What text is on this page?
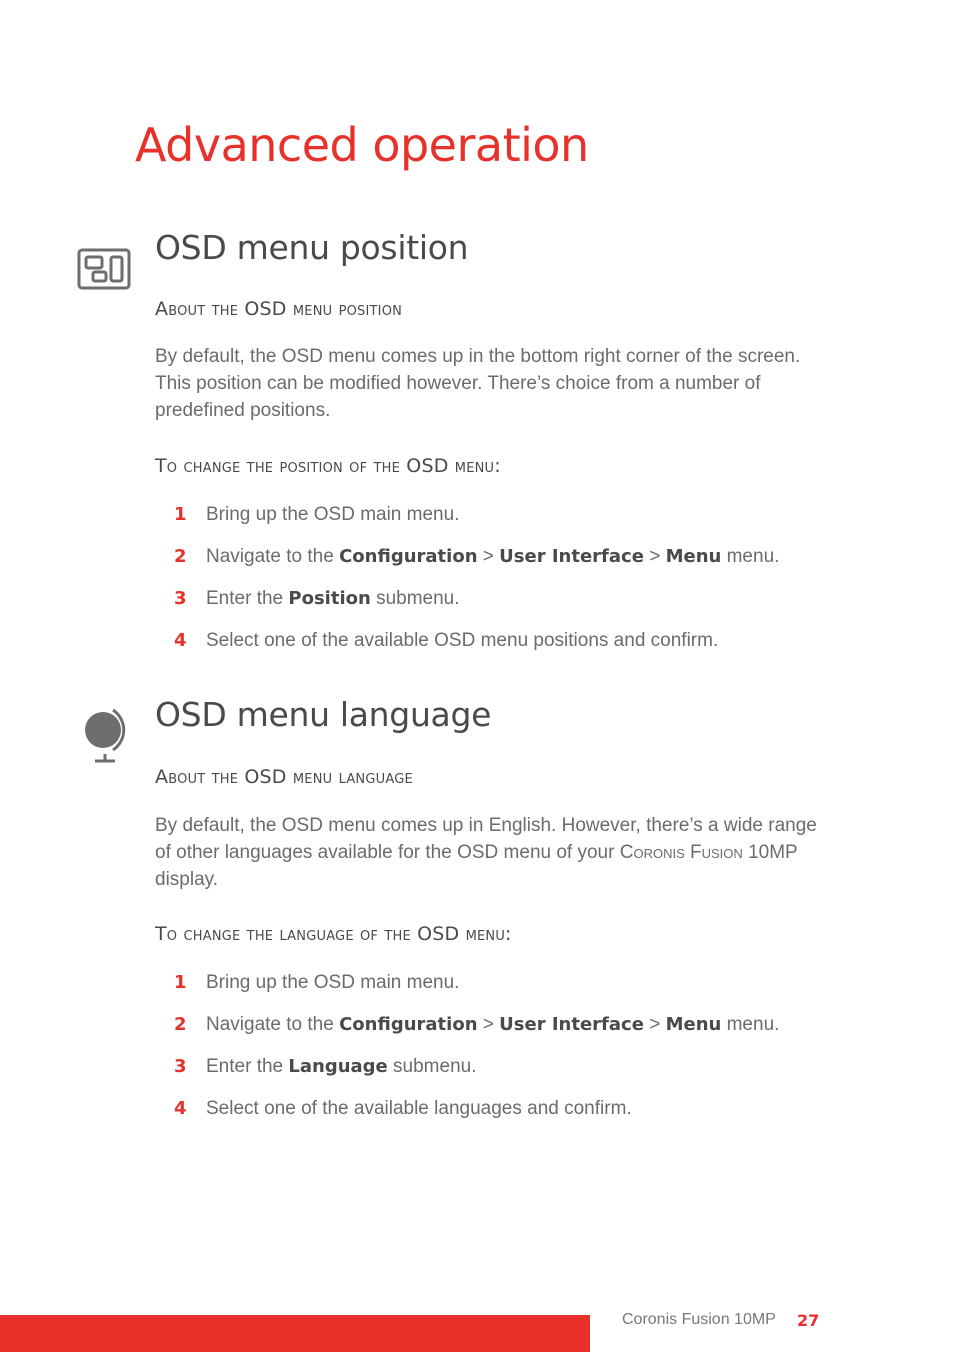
Advanced operation
OSD menu position
About the OSD menu position

By default, the OSD menu comes up in the bottom right corner of the screen. This position can be modified however. There’s choice from a number of predefined positions.

To change the position of the OSD menu:
1 Bring up the OSD main menu.
2 Navigate to the Configuration > User Interface > Menu menu.
3 Enter the Position submenu.
4 Select one of the available OSD menu positions and confirm.
OSD menu language
About the OSD menu language

By default, the OSD menu comes up in English. However, there’s a wide range of other languages available for the OSD menu of your Coronis Fusion 10MP display.

To change the language of the OSD menu:
1 Bring up the OSD main menu.
2 Navigate to the Configuration > User Interface > Menu menu.
3 Enter the Language submenu.
4 Select one of the available languages and confirm.
Coronis Fusion 10MP 27
